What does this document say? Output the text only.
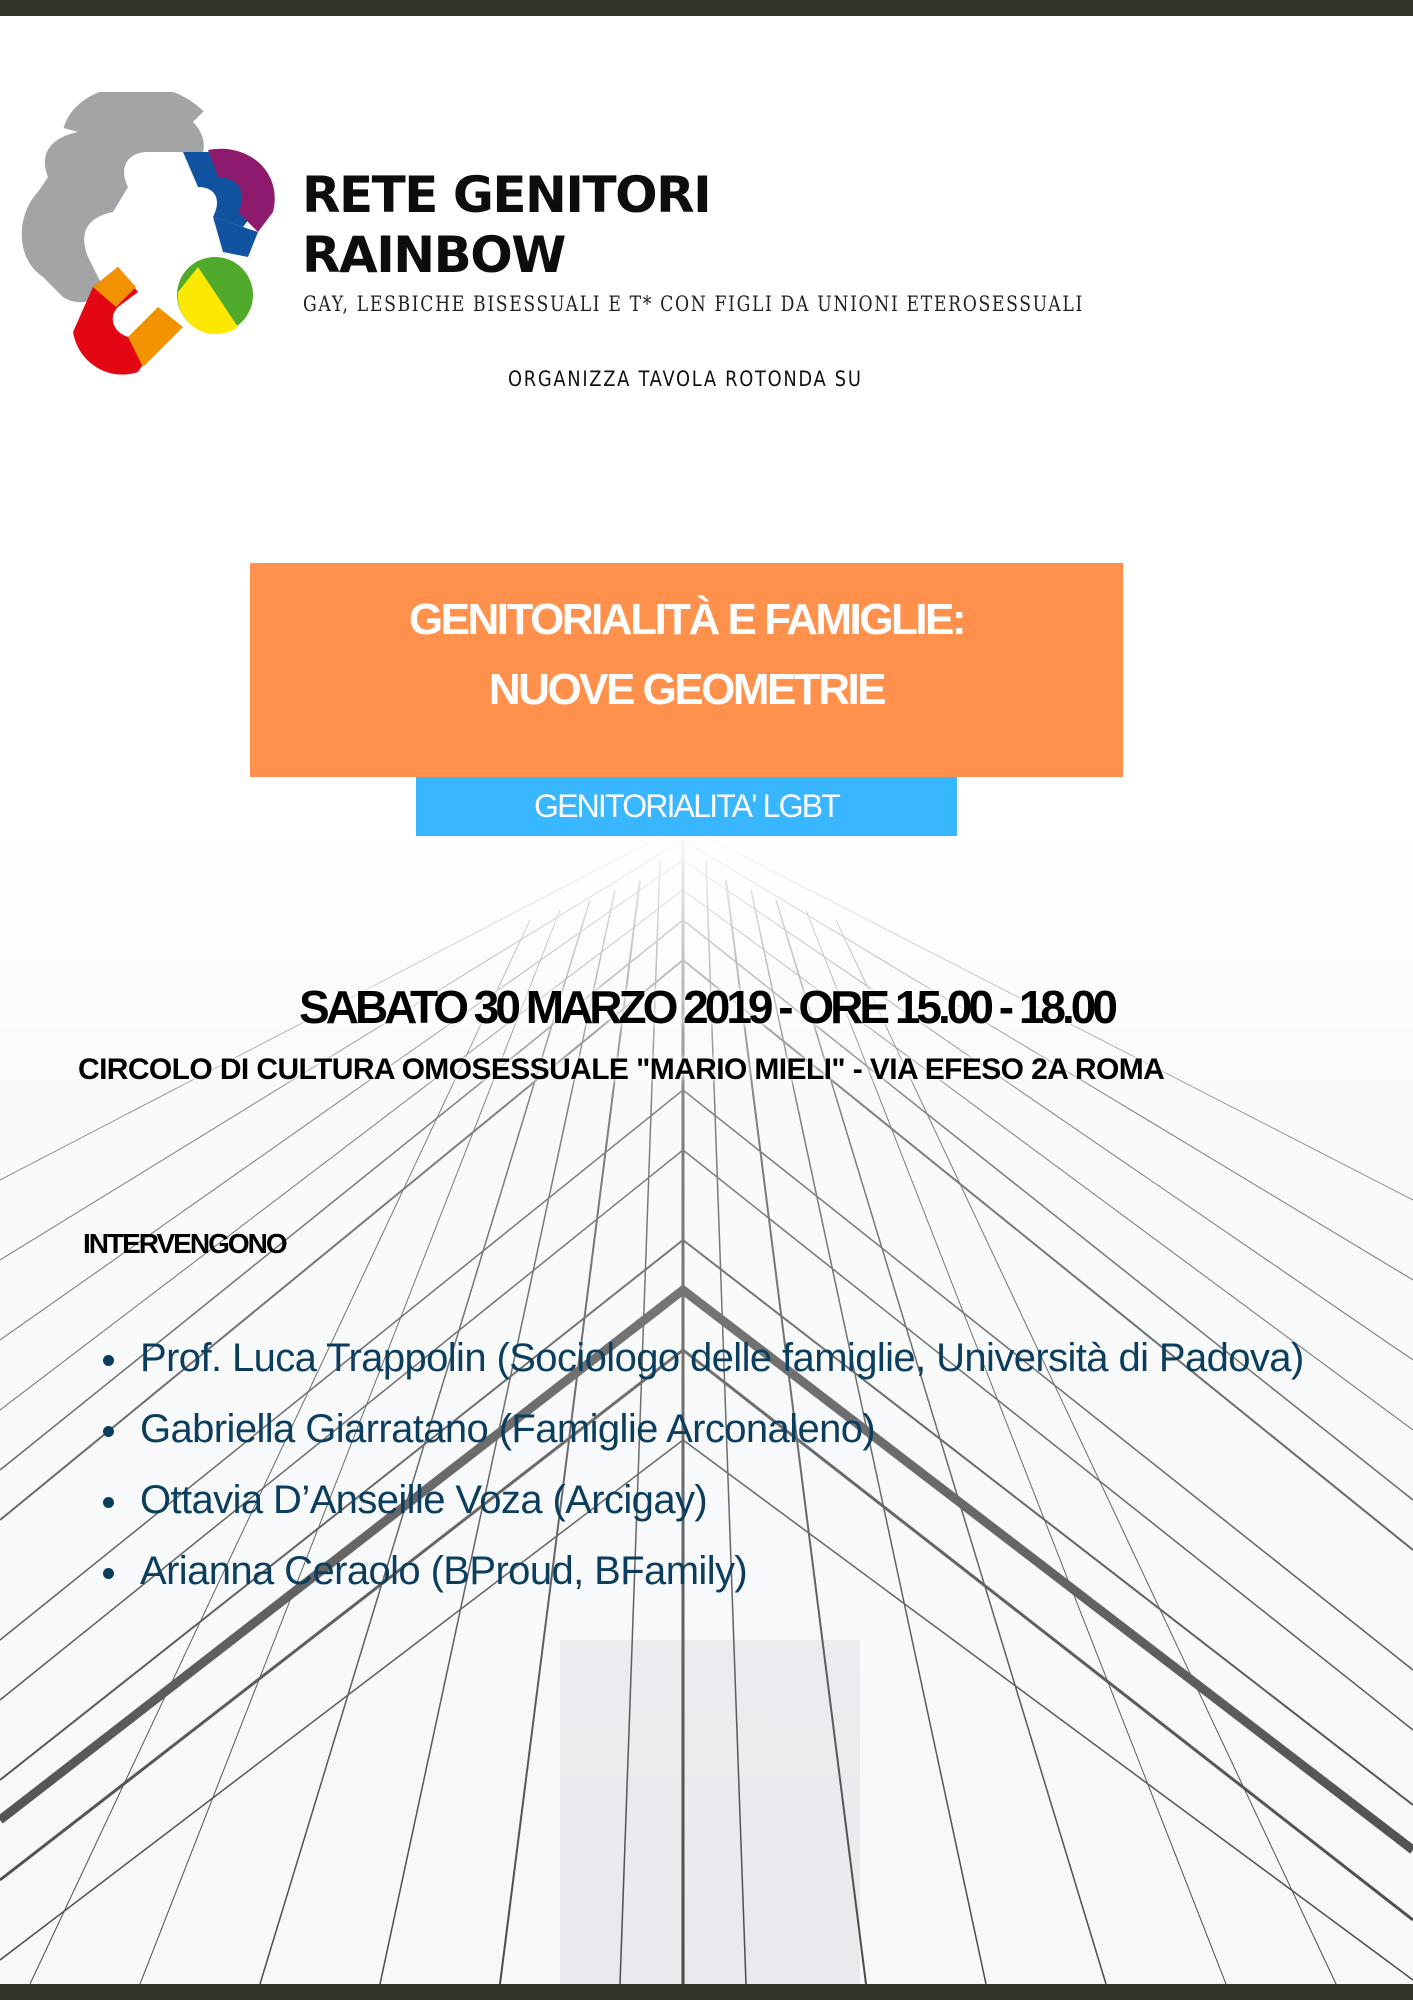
RETE GENITORI
RAINBOW
GAY, LESBICHE BISESSUALI E T* CON FIGLI DA UNIONI ETEROSESSUALI
ORGANIZZA TAVOLA ROTONDA SU
GENITORIALITÀ E FAMIGLIE:
NUOVE GEOMETRIE
GENITORIALITA' LGBT
SABATO 30 MARZO 2019 - ORE 15.00 - 18.00
CIRCOLO DI CULTURA OMOSESSUALE "MARIO MIELI" - VIA EFESO 2A ROMA
INTERVENGONO
Prof. Luca Trappolin (Sociologo delle famiglie, Università di Padova)
Gabriella Giarratano (Famiglie Arconaleno)
Ottavia D’Anseille Voza (Arcigay)
Arianna Ceraolo (BProud, BFamily)
